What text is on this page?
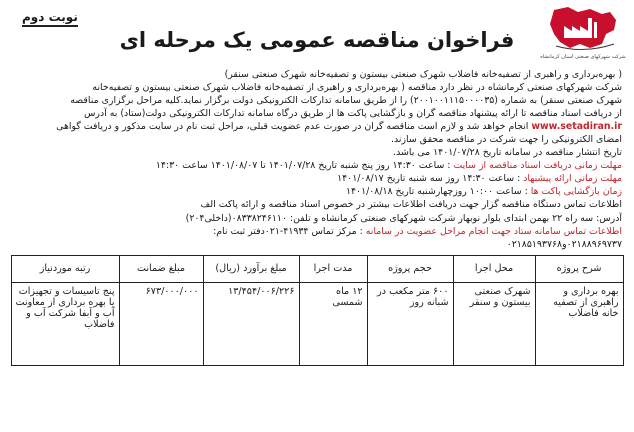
شرکت شهرکهای صنعتی استان کرمانشاه
نوبت دوم
فراخوان مناقصه عمومی یک مرحله ای
( بهره‌برداری و راهبری از تصفیه‌خانه فاضلاب شهرک صنعتی بیستون و تصفیه‌خانه شهرک صنعتی سنقر)
شرکت شهرکهای صنعتی کرمانشاه در نظر دارد مناقصه ( بهره‌برداری و راهبری از تصفیه‌خانه فاضلاب شهرک صنعتی بیستون و تصفیه‌خانه
شهرک صنعتی سنقر) به شماره (۲۰۰۱۰۰۱۱۱۵۰۰۰۰۳۵) را از طریق سامانه تدارکات الکترونیکی دولت برگزار نماید.کلیه مراحل برگزاری مناقصه
از دریافت اسناد مناقصه تا ارائه پیشنهاد مناقصه گران و بازگشایی پاکت ها از طریق درگاه سامانه تدارکات الکترونیکی دولت(ستاد) به آدرس
www.setadiran.ir انجام خواهد شد و لازم است مناقصه گران در صورت عدم عضویت قبلی، مراحل ثبت نام در سایت مذکور و دریافت گواهی
امضای الکترونیکی را جهت شرکت در مناقصه محقق سازند.
تاریخ انتشار مناقصه در سامانه تاریخ ۱۴۰۱/۰۷/۲۸ می باشد.
مهلت زمانی دریافت اسناد مناقصه از سایت : ساعت ۱۴:۳۰ روز پنج شنبه تاریخ ۱۴۰۱/۰۷/۲۸ تا ۱۴۰۱/۰۸/۰۷ ساعت ۱۴:۳۰
مهلت زمانی ارائه پیشنهاد : ساعت ۱۴:۳۰ روز سه شنبه تاریخ ۱۴۰۱/۰۸/۱۷
زمان بازگشایی پاکت ها : ساعت ۱۰:۰۰ روزچهارشنبه تاریخ ۱۴۰۱/۰۸/۱۸
اطلاعات تماس دستگاه مناقصه گزار جهت دریافت اطلاعات بیشتر در خصوص اسناد مناقصه و ارائه پاکت الف
آدرس: سه راه ۲۲ بهمن ابتدای بلوار نوبهار شرکت شهرکهای صنعتی کرمانشاه و تلفن: ۰۸۳۳۸۲۴۶۱۱۰(داخلی۲۰۴)
اطلاعات تماس سامانه ستاد جهت انجام مراحل عضویت در سامانه : مرکز تماس ۴۱۹۳۴-۰۲۱دفتر ثبت نام:
۰۲۱۸۸۹۶۹۷۳۷و۰۲۱۸۵۱۹۳۷۶۸
شرح پروژه	محل اجرا	حجم پروژه	مدت اجرا	مبلغ برآورد (ریال)	مبلغ ضمانت	رتبه موردنیاز
بهره برداری و راهبری از تصفیه خانه فاضلاب	شهرک صنعتی بیستون و سنقر	۶۰۰ متر مکعب در شبانه روز	۱۲ ماه شمسی	۱۳/۴۵۴/۰۰۶/۲۲۶	۶۷۳/۰۰۰/۰۰۰	پنج تاسیسات و تجهیزات یا بهره برداری از معاونت آب و آبفا شرکت آب و فاضلاب
